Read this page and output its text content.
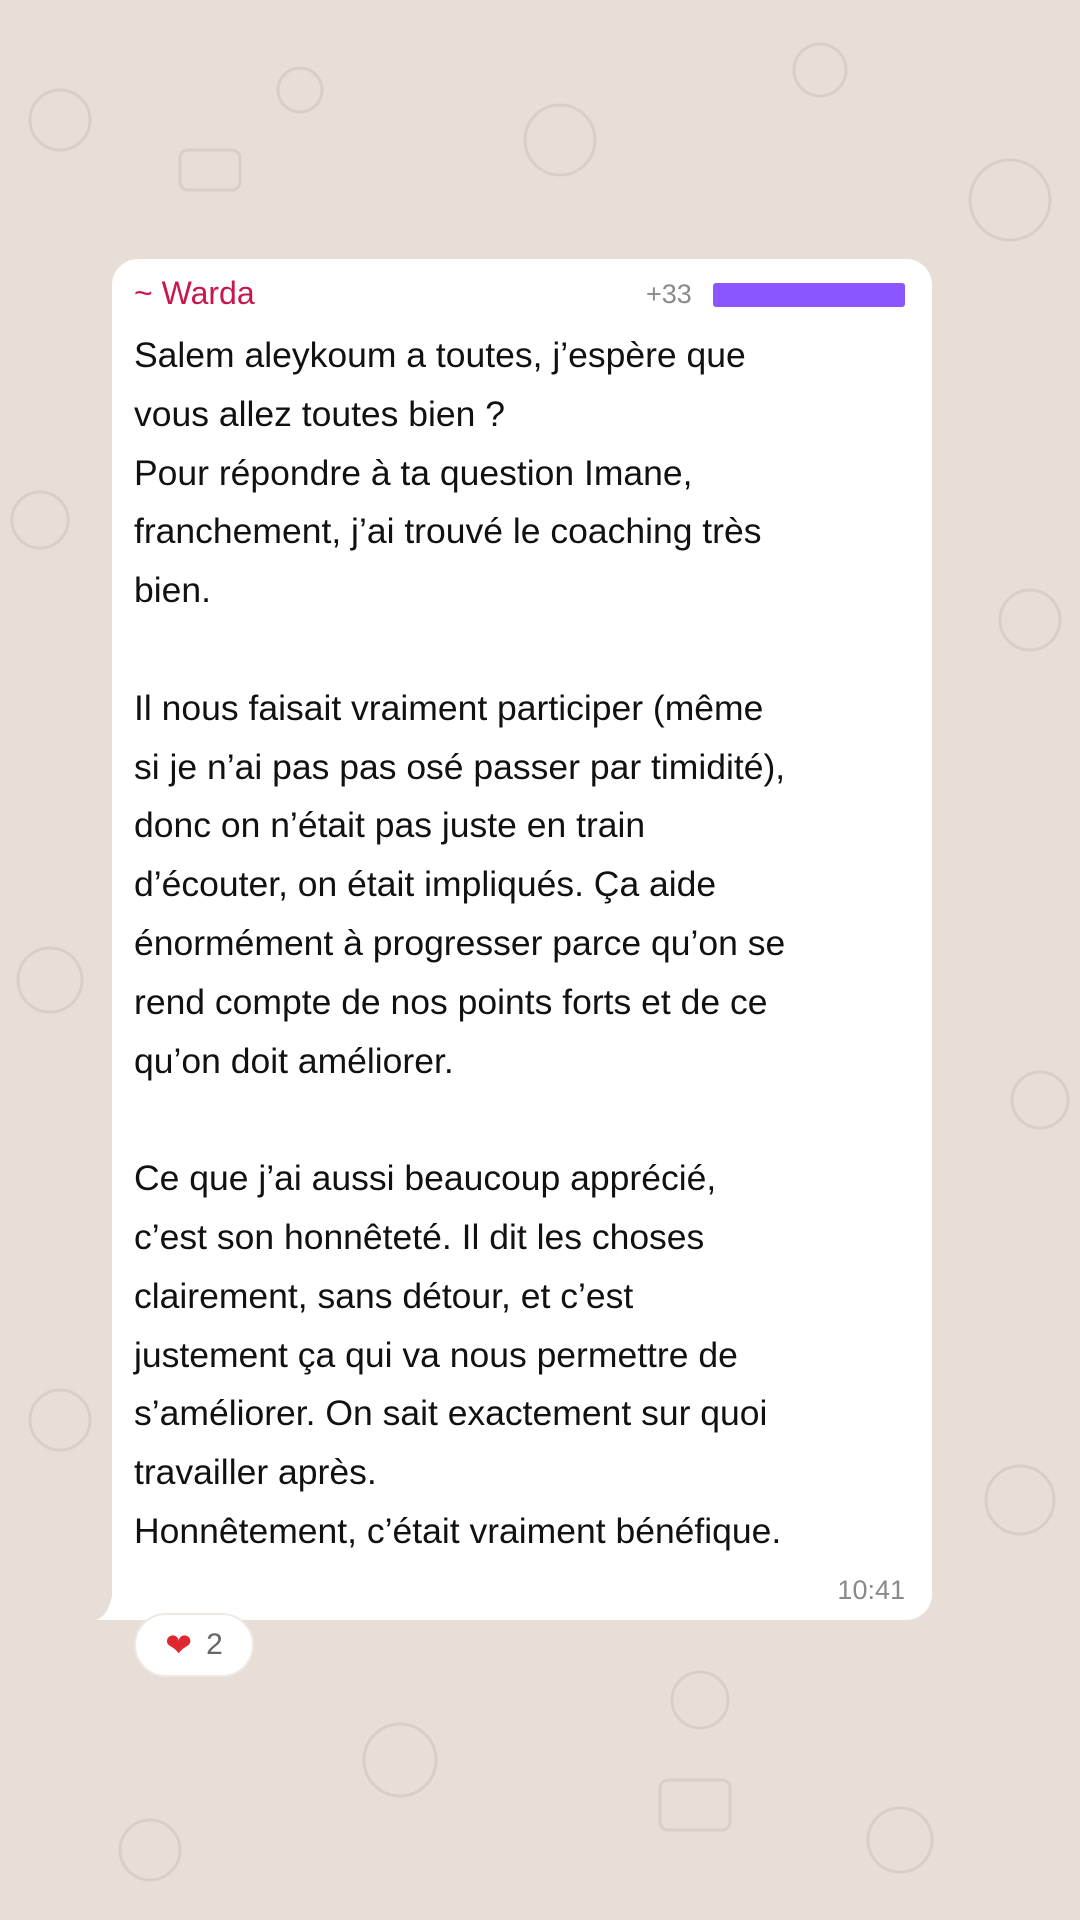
~ Warda	+33
Salem aleykoum a toutes, j’espère que
vous allez toutes bien ?
Pour répondre à ta question Imane,
franchement, j’ai trouvé le coaching très
bien.

Il nous faisait vraiment participer (même
si je n’ai pas pas osé passer par timidité),
donc on n’était pas juste en train
d’écouter, on était impliqués. Ça aide
énormément à progresser parce qu’on se
rend compte de nos points forts et de ce
qu’on doit améliorer.

Ce que j’ai aussi beaucoup apprécié,
c’est son honnêteté. Il dit les choses
clairement, sans détour, et c’est
justement ça qui va nous permettre de
s’améliorer. On sait exactement sur quoi
travailler après.
Honnêtement, c’était vraiment bénéfique.
10:41
❤ 2
